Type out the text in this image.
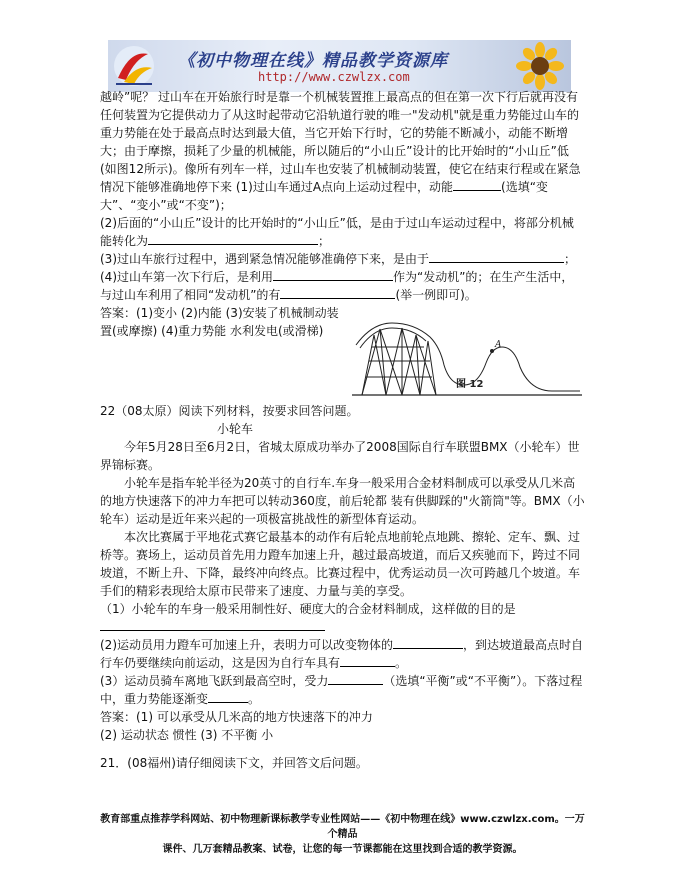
《初中物理在线》精品教学资源库
http://www.czwlzx.com

越岭”呢？ 过山车在开始旅行时是靠一个机械装置推上最高点的但在第一次下行后就再没有任何装置为它提供动力了从这时起带动它沿轨道行驶的唯一"发动机"就是重力势能过山车的重力势能在处于最高点时达到最大值，当它开始下行时，它的势能不断减小，动能不断增大；由于摩擦，损耗了少量的机械能，所以随后的“小山丘”设计的比开始时的“小山丘”低(如图12所示)。像所有列车一样，过山车也安装了机械制动装置，使它在结束行程或在紧急情况下能够准确地停下来 (1)过山车通过A点向上运动过程中，动能	(选填“变大”、“变小”或“不变”)；

(2)后面的“小山丘”设计的比开始时的“小山丘”低，是由于过山车运动过程中，将部分机械能转化为	；

(3)过山车旅行过程中，遇到紧急情况能够准确停下来，是由于	；

(4)过山车第一次下行后，是利用	作为“发动机”的；在生产生活中，与过山车利用了相同“发动机”的有	(举一例即可)。

答案：(1)变小 (2)内能 (3)安装了机械制动装置(或摩擦) (4)重力势能 水利发电(或滑梯)

22（08太原）阅读下列材料，按要求回答问题。

小轮车

今年5月28日至6月2日，省城太原成功举办了2008国际自行车联盟BMX（小轮车）世界锦标赛。

小轮车是指车轮半径为20英寸的自行车.车身一般采用合金材料制成可以承受从几米高的地方快速落下的冲力车把可以转动360度，前后轮都 装有供脚踩的"火箭筒"等。BMX（小轮车）运动是近年来兴起的一项极富挑战性的新型体育运动。

本次比赛属于平地花式赛它最基本的动作有后轮点地前轮点地跳、擦轮、定车、飘、过桥等。赛场上，运动员首先用力蹬车加速上升，越过最高坡道，而后又疾驰而下，跨过不同坡道，不断上升、下降，最终冲向终点。比赛过程中，优秀运动员一次可跨越几个坡道。车手们的精彩表现给太原市民带来了速度、力量与美的享受。

（1）小轮车的车身一般采用制性好、硬度大的合金材料制成，这样做的目的是

(2)运动员用力蹬车可加速上升，表明力可以改变物体的	，到达坡道最高点时自行车仍要继续向前运动，这是因为自行车具有	。

(3）运动员骑车离地飞跃到最高空时，受力	（选填“平衡”或“不平衡”）。下落过程中，重力势能逐渐变	。

答案：(1) 可以承受从几米高的地方快速落下的冲力

(2) 运动状态 惯性 (3) 不平衡 小

21．(08福州)请仔细阅读下文，并回答文后问题。

A
图 12
教育部重点推荐学科网站、初中物理新课标教学专业性网站——《初中物理在线》www.czwlzx.com。一万个精品
课件、几万套精品教案、试卷，让您的每一节课都能在这里找到合适的教学资源。
